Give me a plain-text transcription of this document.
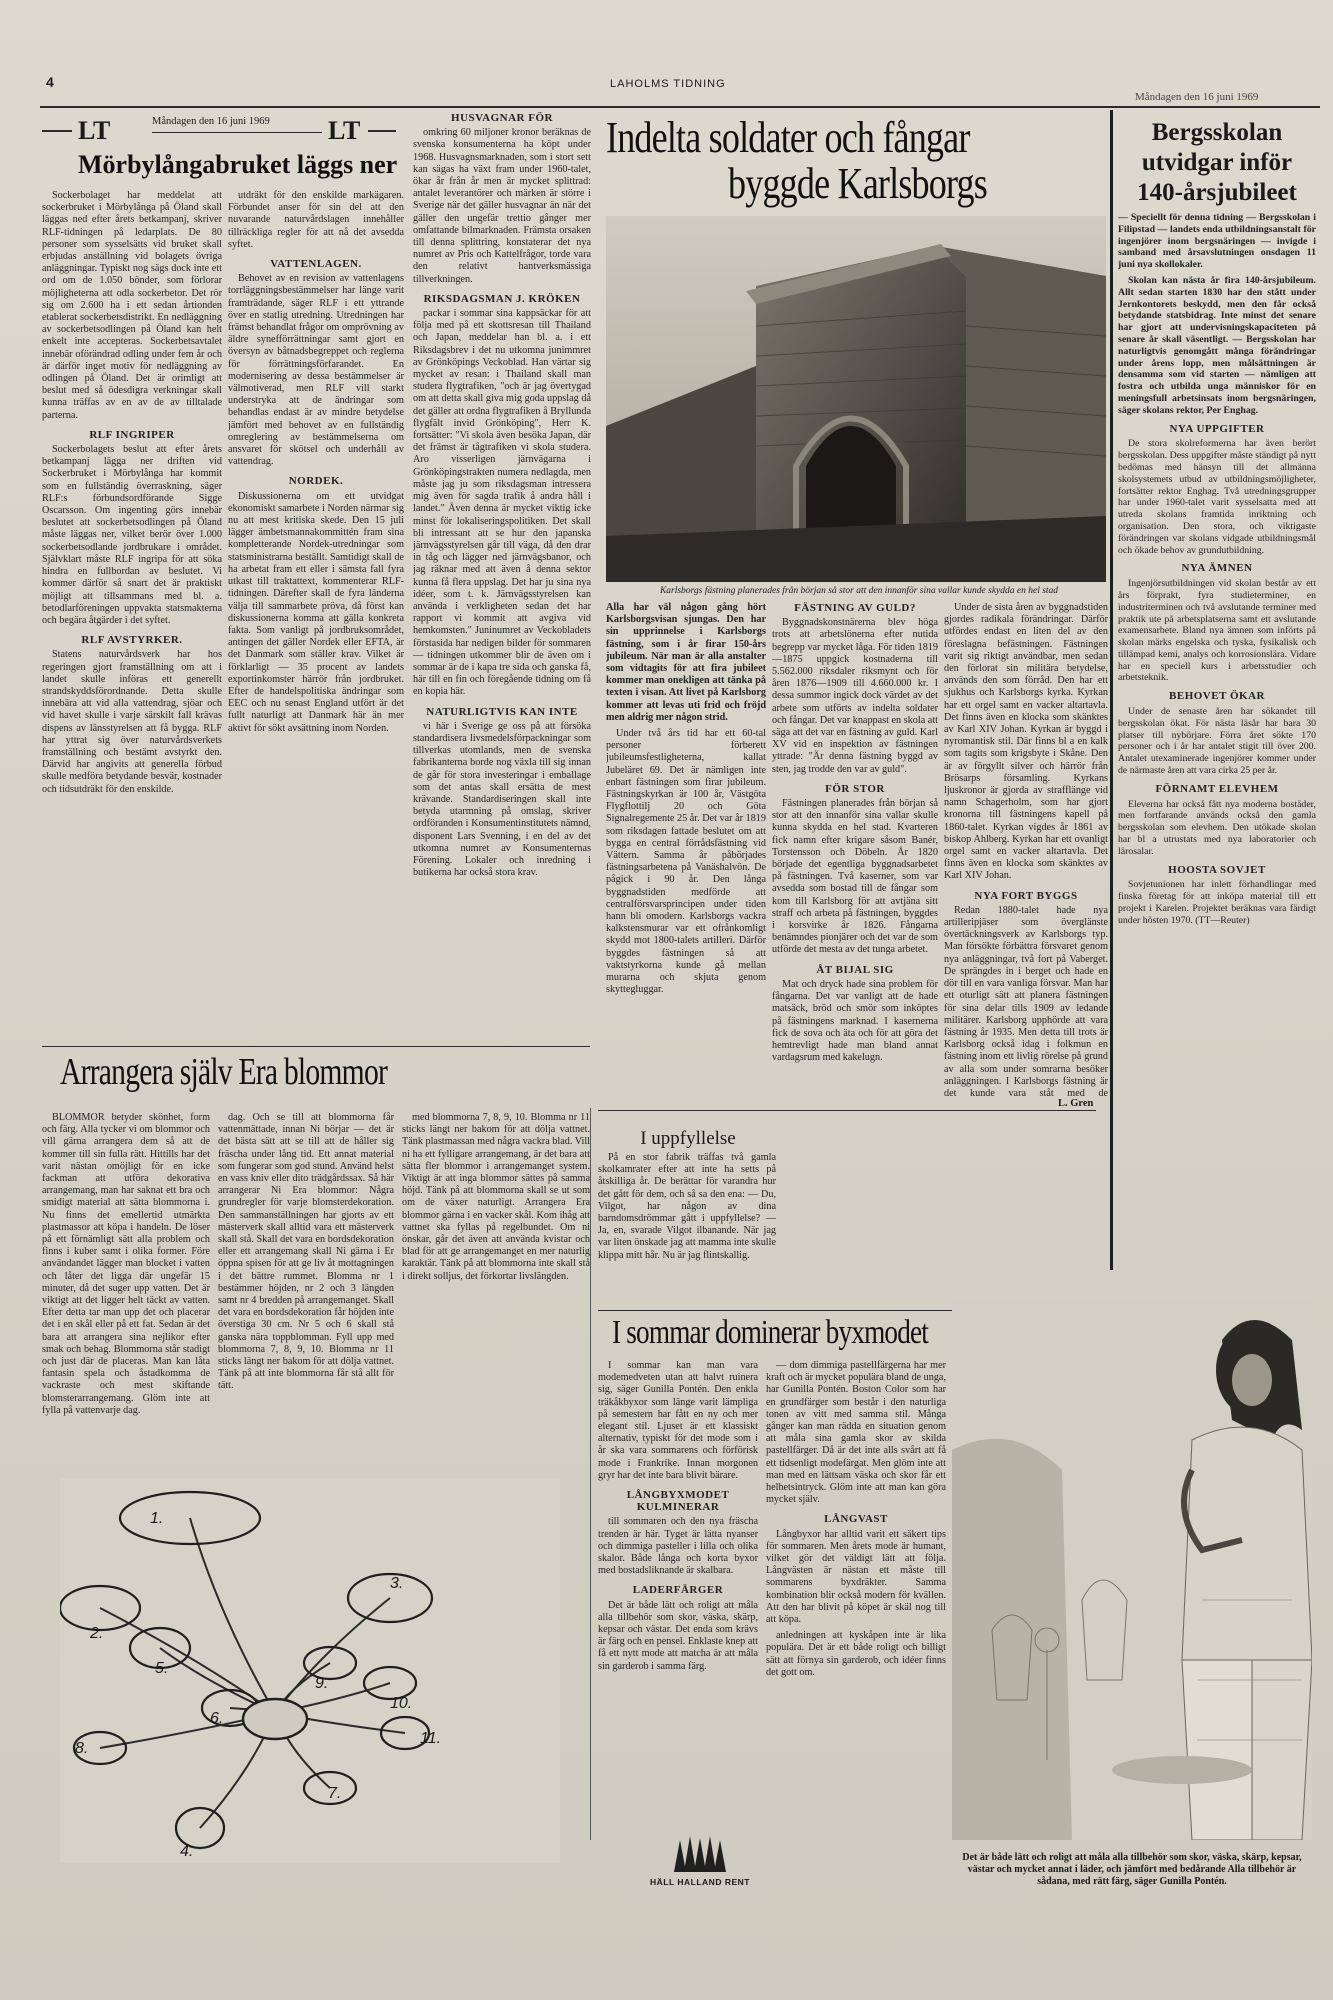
4	LAHOLMS TIDNING
Måndagen den 16 juni 1969
LT	Måndagen den 16 juni 1969 LT
Mörbylångabruket läggs ner

Sockerbolaget har meddelat att sockerbruket i Mörbylånga på Öland skall läggas ned efter årets betkampanj, skriver RLF-tidningen på ledarplats. De 80 personer som sysselsätts vid bruket skall erbjudas anställning vid bolagets övriga anläggningar. Typiskt nog sägs dock inte ett ord om de 1.050 bönder, som förlorar möjligheterna att odla sockerbetor. Det rör sig om 2.600 ha i ett sedan årtionden etablerat sockerbetsdistrikt. En nedläggning av sockerbetsodlingen på Öland kan helt enkelt inte accepteras. Sockerbetsavtalet innebär oförändrad odling under fem år och är därför inget motiv för nedläggning av odlingen på Öland. Det är orimligt att beslut med så ödesdigra verkningar skall kunna träffas av en av de av tilltalade parterna.

RLF INGRIPER

Sockerbolagets beslut att efter årets betkampanj lägga ner driften vid Sockerbruket i Mörbylånga har kommit som en fullständig överraskning, säger RLF:s förbundsordförande Sigge Oscarsson. Om ingenting görs innebär beslutet att sockerbetsodlingen på Öland måste läggas ner, vilket berör över 1.000 sockerbetsodlande jordbrukare i området. Självklart måste RLF ingripa för att söka hindra en fullbordan av beslutet. Vi kommer därför så snart det är praktiskt möjligt att tillsammans med bl. a. betodlarföreningen uppvakta statsmakterna och begära åtgärder i det syftet.

RLF AVSTYRKER.

Statens naturvårdsverk har hos regeringen gjort framställning om att i landet skulle införas ett generellt strandskyddsförordnande. Detta skulle innebära att vid alla vattendrag, sjöar och vid havet skulle i varje särskilt fall krävas dispens av länsstyrelsen att få bygga. RLF har yttrat sig över naturvårdsverkets framställning och bestämt avstyrkt den. Därvid har angivits att generella förbud skulle medföra betydande besvär, kostnader och tidsutdräkt för den enskilde.

utdräkt för den enskilde markägaren. Förbundet anser för sin del att den nuvarande naturvårdslagen innehåller tillräckliga regler för att nå det avsedda syftet.

VATTENLAGEN.

Behovet av en revision av vattenlagens torrläggningsbestämmelser har länge varit framträdande, säger RLF i ett yttrande över en statlig utredning. Utredningen har främst behandlat frågor om omprövning av äldre synefförrättningar samt gjort en översyn av båtnadsbegreppet och reglerna för förrättningsförfarandet. En modernisering av dessa bestämmelser är välmotiverad, men RLF vill starkt understryka att de ändringar som behandlas endast är av mindre betydelse jämfört med behovet av en fullständig omreglering av bestämmelserna om ansvaret för skötsel och underhåll av vattendrag.

NORDEK.

Diskussionerna om ett utvidgat ekonomiskt samarbete i Norden närmar sig nu att mest kritiska skede. Den 15 juli lägger ämbetsmannakommittén fram sina kompletterande Nordek-utredningar som statsministrarna beställt. Samtidigt skall de ha arbetat fram ett eller i sämsta fall fyra utkast till traktattext, kommenterar RLF-tidningen. Därefter skall de fyra länderna välja till sammarbete pröva, då först kan diskussionerna komma att gälla konkreta fakta. Som vanligt på jordbruksområdet, antingen det gäller Nordek eller EFTA, är det Danmark som ställer krav. Vilket är förklarligt — 35 procent av landets exportinkomster härrör från jordbruket. Efter de handelspolitiska ändringar som EEC och nu senast England utfört är det fullt naturligt att Danmark här än mer aktivt för sökt avsättning inom Norden.

HUSVAGNAR FÖR

omkring 60 miljoner kronor beräknas de svenska konsumenterna ha köpt under 1968. Husvagnsmarknaden, som i stort sett kan sägas ha växt fram under 1960-talet, ökar år från år men är mycket splittrad: antalet leverantörer och märken är större i Sverige när det gäller husvagnar än när det gäller den ungefär trettio gånger mer omfattande bilmarknaden. Främsta orsaken till denna splittring, konstaterar det nya numret av Pris och Kattelfrågor, torde vara den relativt hantverksmässiga tillverkningen.

RIKSDAGSMAN J. KRÖKEN

packar i sommar sina kappsäckar för att följa med på ett skottsresan till Thailand och Japan, meddelar han bl. a. i ett Riksdagsbrev i det nu utkomna junimmret av Grönköpings Veckoblad. Han värtar sig mycket av resan: i Thailand skall man studera flygtrafiken, "och är jag övertygad om att detta skall giva mig goda uppslag då det gäller att ordna flygtrafiken å Bryllunda flygfält invid Grönköping", Herr K. fortsätter: "Vi skola även besöka Japan, där det främst är tågtrafiken vi skola studera. Aro visserligen järnvägarna i Grönköpingstrakten numera nedlagda, men måste jag ju som riksdagsman intressera mig även för sagda trafik å andra håll i landet." Även denna är mycket viktig icke minst för lokaliseringspolitiken. Det skall bli intressant att se hur den japanska järnvägsstyrelsen går till väga, då den drar in tåg och lägger ned järnvägsbanor, och jag räknar med att även å denna sektor kunna få flera uppslag. Det har ju sina nya idéer, som t. k. Järnvägsstyrelsen kan använda i verkligheten sedan det har rapport vi kommit att avgiva vid hemkomsten." Juninumret av Veckobladets förstasida har nedigen bilder för sommaren — tidningen utkommer blir de även om i sommar är de i kapa tre sida och ganska få, här till en fin och föregående tidning om få en kopia här.

NATURLIGTVIS KAN INTE

vi här i Sverige ge oss på att försöka standardisera livsmedelsförpackningar som tillverkas utomlands, men de svenska fabrikanterna borde nog växla till sig innan de går för stora investeringar i emballage som det antas skall ersätta de mest krävande. Standardiseringen skall inte betyda utarmning på omslag, skriver ordföranden i Konsumentinstitutets nämnd, disponent Lars Svenning, i en del av det utkomna numret av Konsumenternas Förening. Lokaler och inredning i butikerna har också stora krav.

Indelta soldater och fångar
byggde Karlsborgs
Karlsborgs fästning planerades från början så stor att den innanför sina vallar kunde skydda en hel stad

Alla har väl någon gång hört Karlsborgsvisan sjungas. Den har sin upprinnelse i Karlsborgs fästning, som i år firar 150-års jubileum. När man är alla anstalter som vidtagits för att fira jubileet kommer man onekligen att tänka på texten i visan. Att livet på Karlsborg kommer att levas uti frid och fröjd men aldrig mer någon strid.

Under två års tid har ett 60-tal personer förberett jubileumsfestligheterna, kallat Jubeläret 69. Det är nämligen inte enbart fästningen som firar jubileum. Fästningskyrkan är 100 år, Västgöta Flygflottilj 20 och Göta Signalregemente 25 år. Det var år 1819 som riksdagen fattade beslutet om att bygga en central förrådsfästning vid Vättern. Samma år påbörjades fästningsarbetena på Vanäshalvön. De pågick i 90 år. Den långa byggnadstiden medförde att centralförsvarsprincipen under tiden hann bli omodern. Karlsborgs vackra kalkstensmurar var ett ofrånkomligt skydd mot 1800-talets artilleri. Därför byggdes fästningen så att vaktstyrkorna kunde gå mellan murarna och skjuta genom skyttegluggar.

FÄSTNING AV GULD?

Byggnadskonstnärerna blev höga trots att arbetslönerna efter nutida begrepp var mycket låga. För tiden 1819—1875 uppgick kostnaderna till 5.562.000 riksdaler riksmynt och för åren 1876—1909 till 4.660.000 kr. I dessa summor ingick dock värdet av det arbete som utförts av indelta soldater och fångar. Det var knappast en skola att säga att det var en fästning av guld. Karl XV vid en inspektion av fästningen yttrade: "Är denna fästning byggd av sten, jag trodde den var av guld".

FÖR STOR

Fästningen planerades från början så stor att den innanför sina vallar skulle kunna skydda en hel stad. Kvarteren fick namn efter krigare såsom Banér, Torstensson och Döbeln. År 1820 började det egentliga byggnadsarbetet på fästningen. Två kaserner, som var avsedda som bostad till de fångar som kom till Karlsborg för att avtjäna sitt straff och arbeta på fästningen, byggdes i korsvirke år 1826. Fångarna benämndes pionjärer och det var de som utförde det mesta av det tunga arbetet.

ÅT BIJAL SIG

Mat och dryck hade sina problem för fångarna. Det var vanligt att de hade matsäck, bröd och smör som inköptes på fästningens marknad. I kasernerna fick de sova och äta och för att göra det hemtrevligt hade man bland annat vardagsrum med kakelugn.

Under de sista åren av byggnadstiden gjordes radikala förändringar. Därför utfördes endast en liten del av den föreslagna befästningen. Fästningen varit sig riktigt användbar, men sedan den förlorat sin militära betydelse, används den som förråd. Den har ett sjukhus och Karlsborgs kyrka. Kyrkan har ett orgel samt en vacker altartavla. Det finns även en klocka som skänktes av Karl XIV Johan. Kyrkan är byggd i nyromantisk stil. Där finns bl a en kalk som tagits som krigsbyte i Skåne. Den är av förgyllt silver och härrör från Brösarps församling. Kyrkans ljuskronor är gjorda av strafflänge vid namn Schagerholm, som har gjort kronorna till fästningens kapell på 1860-talet. Kyrkan vigdes år 1861 av biskop Ahlberg. Kyrkan har ett ovanligt orgel samt en vacker altartavla. Det finns även en klocka som skänktes av Karl XIV Johan.

NYA FORT BYGGS

Redan 1880-talet hade nya artilleripjäser som överglänste övertäckningsverk av Karlsborgs typ. Man försökte förbättra försvaret genom nya anläggningar, två fort på Vaberget. De sprängdes in i berget och hade en dör till en vara vanliga försvar. Man har ett oturligt sätt att planera fästningen för sina delar tills 1909 av ledande militärer. Karlsborg upphörde att vara fästning år 1935. Men detta till trots är Karlsborg också idag i folkmun en fästning inom ett livlig rörelse på grund av alla som under somrarna besöker anläggningen. I Karlsborgs fästning är det kunde vara ståt med de

L. Gren
Bergsskolan
utvidgar inför
140-årsjubileet

— Speciellt för denna tidning — Bergsskolan i Filipstad — landets enda utbildningsanstalt för ingenjörer inom bergsnäringen — invigde i samband med årsavslutningen onsdagen 11 juni nya skollokaler.

Skolan kan nästa år fira 140-årsjubileum. Allt sedan starten 1830 har den stått under Jernkontorets beskydd, men den får också betydande statsbidrag. Inte minst det senare har gjort att undervisningskapaciteten på senare år skall väsentligt. — Bergsskolan har naturligtvis genomgått många förändringar under årens lopp, men målsättningen är densamma som vid starten — nämligen att fostra och utbilda unga människor för en meningsfull arbetsinsats inom bergsnäringen, säger skolans rektor, Per Enghag.

NYA UPPGIFTER

De stora skolreformerna har även berört bergsskolan. Dess uppgifter måste ständigt på nytt bedömas med hänsyn till det allmänna skolsystemets utbud av utbildningsmöjligheter, fortsätter rektor Enghag. Två utredningsgrupper har under 1960-talet varit sysselsatta med att utreda skolans framtida inriktning och organisation. Den stora, och viktigaste förändringen var skolans vidgade utbildningsmål och ökade behov av grundutbildning.

NYA ÄMNEN

Ingenjörsutbildningen vid skolan består av ett års förprakt, fyra studieterminer, en industriterminen och två avslutande terminer med praktik ute på arbetsplatserna samt ett avslutande examensarbete. Bland nya ämnen som införts på skolan märks engelska och tyska, fysikalisk och tillämpad kemi, analys och korrosionslära. Vidare har en speciell kurs i arbetsstudier och arbetsteknik.

BEHOVET ÖKAR

Under de senaste åren har sökandet till bergsskolan ökat. För nästa läsår har bara 30 platser till nybörjare. Förra året sökte 170 personer och i år har antalet stigit till över 200. Antalet utexaminerade ingenjörer kommer under de närmaste åren att vara cirka 25 per år.

FÖRNAMT ELEVHEM

Eleverna har också fått nya moderna bostäder, men fortfarande används också den gamla bergsskolan som elevhem. Den utökade skolan har bl a utrustats med nya laboratorier och lärosalar.

HOOSTA SOVJET

Sovjetunionen har inlett förhandlingar med finska företag för att inköpa material till ett projekt i Karelen. Projektet beräknas vara färdigt under hösten 1970. (TT—Reuter)

Arrangera själv Era blommor

BLOMMOR betyder skönhet, form och färg. Alla tycker vi om blommor och vill gärna arrangera dem så att de kommer till sin fulla rätt. Hittills har det varit nästan omöjligt för en icke fackman att utföra dekorativa arrangemang, man har saknat ett bra och smidigt material att sätta blommorna i. Nu finns det emellertid utmärkta plastmassor att köpa i handeln. De löser på ett förnämligt sätt alla problem och finns i kuber samt i olika former. Före användandet lägger man blocket i vatten och låter det ligga där ungefär 15 minuter, då det suger upp vatten. Det är viktigt att det ligger helt täckt av vatten. Efter detta tar man upp det och placerar det i en skål eller på ett fat. Sedan är det bara att arrangera sina nejlikor efter smak och behag. Blommorna står stadigt och just där de placeras. Man kan låta fantasin spela och åstadkomma de vackraste och mest skiftande blomsterarrangemang. Glöm inte att fylla på vattenvarje dag.

dag. Och se till att blommorna får vattenmättade, innan Ni börjar — det är det bästa sätt att se till att de håller sig fräscha under lång tid. Ett annat material som fungerar som god stund. Använd helst en vass kniv eller dito trädgårdssax. Så här arrangerar Ni Era blommor: Några grundregler för varje blomsterdekoration. Den sammanställningen har gjorts av ett mästerverk skall alltid vara ett mästerverk skall stå. Skall det vara en bordsdekoration eller ett arrangemang skall Ni gärna i Er öppna spisen för att ge liv åt mottagningen i det bättre rummet. Blomma nr 1 bestämmer höjden, nr 2 och 3 längden samt nr 4 bredden på arrangemanget. Skall det vara en bordsdekoration får höjden inte överstiga 30 cm. Nr 5 och 6 skall stå ganska nära toppblomman. Fyll upp med blommorna 7, 8, 9, 10. Blomma nr 11 sticks längt ner bakom för att dölja vattnet. Tänk på att inte blommorna får stå allt för tätt.

med blommorna 7, 8, 9, 10. Blomma nr 11 sticks längt ner bakom för att dölja vattnet. Tänk plastmassan med några vackra blad. Vill ni ha ett fylligare arrangemang, är det bara att sätta fler blommor i arrangemanget system. Viktigt är att inga blommor sättes på samma höjd. Tänk på att blommorna skall se ut som om de växer naturligt. Arrangera Era blommor gärna i en vacker skål. Kom ihåg att vattnet ska fyllas på regelbundet. Om ni önskar, går det även att använda kvistar och blad för att ge arrangemanget en mer naturlig karaktär. Tänk på att blommorna inte skall stå i direkt solljus, det förkortar livslängden.

1.
2.
3.
4.
5.
6.
7.
8.
9.
10.
11.
I uppfyllelse

På en stor fabrik träffas två gamla skolkamrater efter att inte ha setts på åtskilliga år. De berättar för varandra hur det gått för dem, och så sa den ena: — Du, Vilgot, har någon av dina barndomsdrömmar gått i uppfyllelse? — Ja, en, svarade Vilgot ilbanande. När jag var liten önskade jag att mamma inte skulle klippa mitt hår. Nu är jag flintskallig.

I sommar dominerar byxmodet

I sommar kan man vara modemedveten utan att halvt ruinera sig, säger Gunilla Pontén. Den enkla träkåkbyxor som länge varit lämpliga på semestern har fått en ny och mer elegant stil. Ljuset är ett klassiskt alternativ, typiskt för det mode som i år ska vara sommarens och förförisk mode i Frankrike. Innan morgonen gryr har det inte bara blivit bärare.

LÅNGBYXMODET KULMINERAR

till sommaren och den nya fräscha trenden är här. Tyget är lätta nyanser och dimmiga pasteller i lilla och olika skalor. Både långa och korta byxor med bostadsliknande är skalbara.

LADERFÄRGER

Det är både lätt och roligt att måla alla tillbehör som skor, väska, skärp, kepsar och västar. Det enda som krävs är färg och en pensel. Enklaste knep att få ett nytt mode att matcha är att måla sin garderob i samma färg.

— dom dimmiga pastellfärgerna har mer kraft och är mycket populära bland de unga, har Gunilla Pontén. Boston Color som har en grundfärger som består i den naturliga tonen av vitt med samma stil. Många gånger kan man rädda en situation genom att måla sina gamla skor av skilda pastellfärger. Då är det inte alls svårt att få ett tidsenligt modefärgat. Men glöm inte att man med en lättsam väska och skor får ett helhetsintryck. Glöm inte att man kan göra mycket själv.

LÅNGVAST

Långbyxor har alltid varit ett säkert tips för sommaren. Men årets mode är humant, vilket gör det väldigt lätt att följa. Långvästen är nästan ett måste till sommarens byxdräkter. Samma kombination blir också modern för kvällen. Att den har blivit på köpet är skäl nog till att köpa.

anledningen att kyskåpen inte är lika populära. Det är ett både roligt och billigt sätt att förnya sin garderob, och idéer finns det gott om.

HÄLL HALLAND RENT
Det är både lätt och roligt att måla alla tillbehör som skor, väska, skärp, kepsar, västar och mycket annat i läder, och jämfört med bedårande Alla tillbehör är sådana, med rätt färg, säger Gunilla Pontén.
